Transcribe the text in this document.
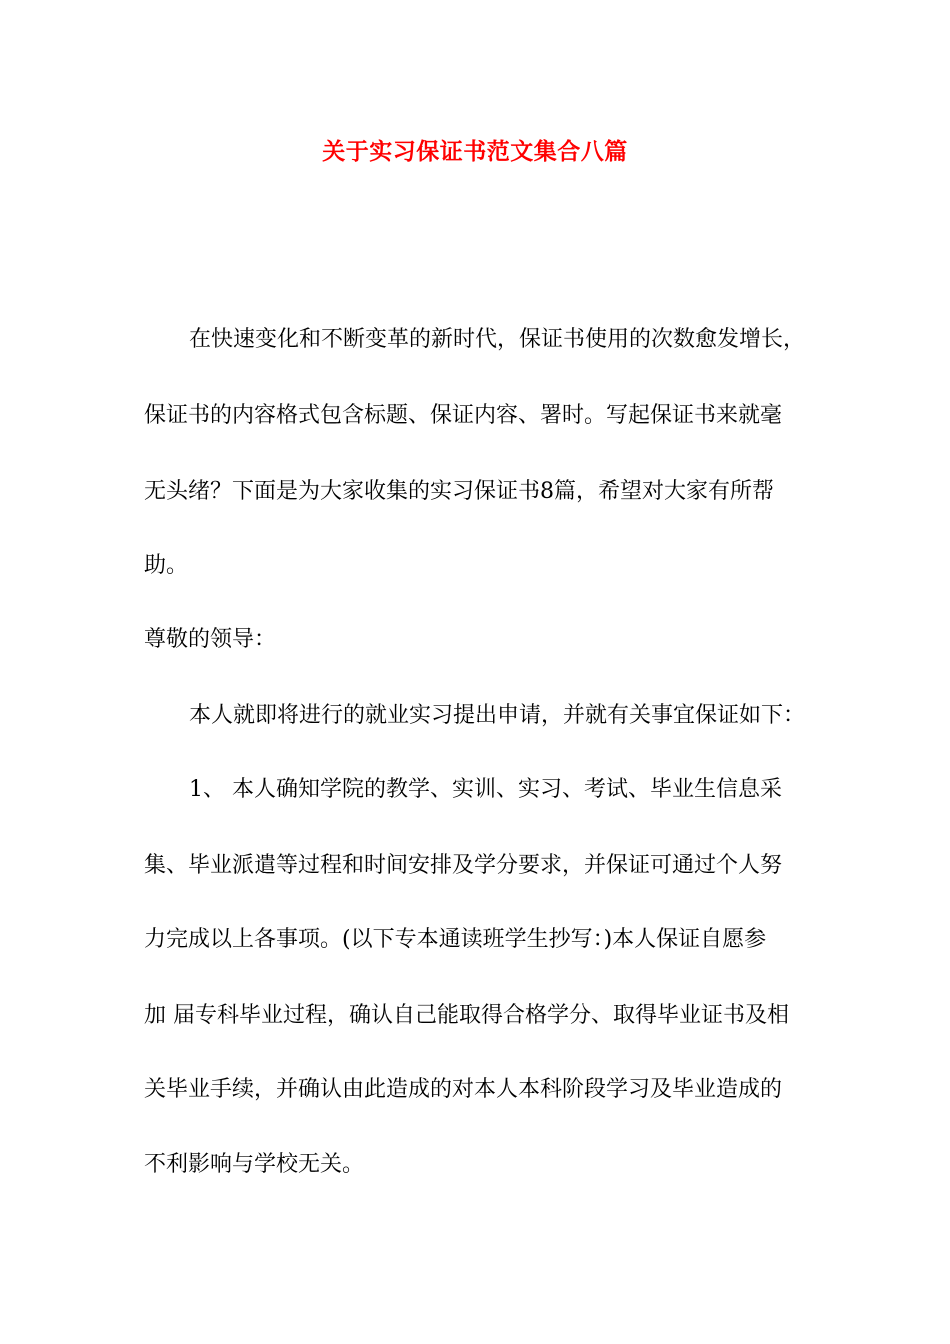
关于实习保证书范文集合八篇

在快速变化和不断变革的新时代，保证书使用的次数愈发增长，

保证书的内容格式包含标题、保证内容、署时。写起保证书来就毫

无头绪？下面是为大家收集的实习保证书8篇，希望对大家有所帮

助。

尊敬的领导：

本人就即将进行的就业实习提出申请，并就有关事宜保证如下：

1、 本人确知学院的教学、实训、实习、考试、毕业生信息采

集、毕业派遣等过程和时间安排及学分要求，并保证可通过个人努

力完成以上各事项。(以下专本通读班学生抄写：)本人保证自愿参

加 届专科毕业过程，确认自己能取得合格学分、取得毕业证书及相

关毕业手续，并确认由此造成的对本人本科阶段学习及毕业造成的

不利影响与学校无关。
